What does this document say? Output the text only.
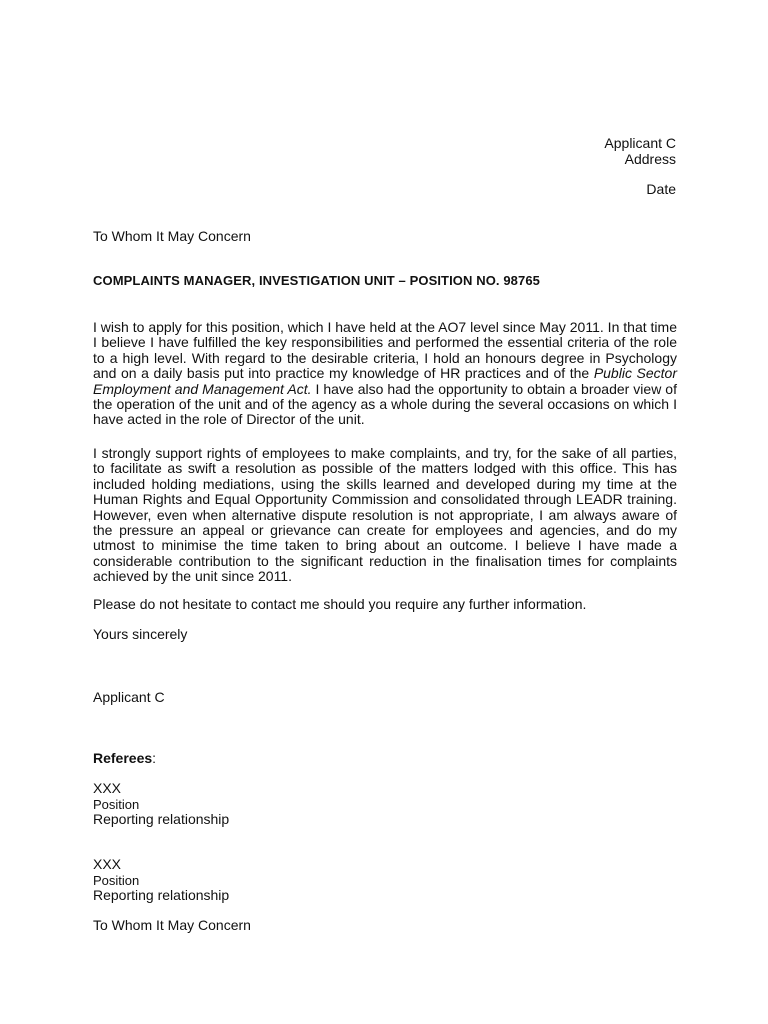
Applicant C
Address
Date
To Whom It May Concern
COMPLAINTS MANAGER, INVESTIGATION UNIT – POSITION NO. 98765
I wish to apply for this position, which I have held at the AO7 level since May 2011. In that time I believe I have fulfilled the key responsibilities and performed the essential criteria of the role to a high level. With regard to the desirable criteria, I hold an honours degree in Psychology and on a daily basis put into practice my knowledge of HR practices and of the Public Sector Employment and Management Act. I have also had the opportunity to obtain a broader view of the operation of the unit and of the agency as a whole during the several occasions on which I have acted in the role of Director of the unit.
I strongly support rights of employees to make complaints, and try, for the sake of all parties, to facilitate as swift a resolution as possible of the matters lodged with this office. This has included holding mediations, using the skills learned and developed during my time at the Human Rights and Equal Opportunity Commission and consolidated through LEADR training. However, even when alternative dispute resolution is not appropriate, I am always aware of the pressure an appeal or grievance can create for employees and agencies, and do my utmost to minimise the time taken to bring about an outcome. I believe I have made a considerable contribution to the significant reduction in the finalisation times for complaints achieved by the unit since 2011.
Please do not hesitate to contact me should you require any further information.
Yours sincerely
Applicant C
Referees:
XXX
Position
Reporting relationship
XXX
Position
Reporting relationship
To Whom It May Concern
